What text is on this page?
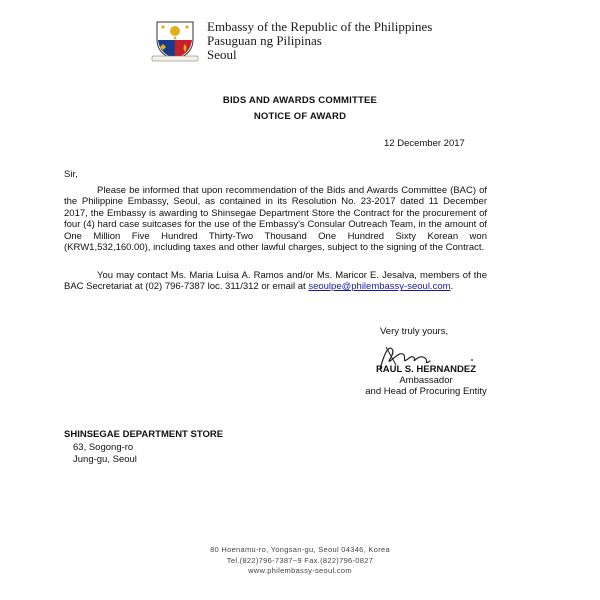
Embassy of the Republic of the Philippines
Pasuguan ng Pilipinas
Seoul
BIDS AND AWARDS COMMITTEE
NOTICE OF AWARD
12 December 2017
Sir,
Please be informed that upon recommendation of the Bids and Awards Committee (BAC) of the Philippine Embassy, Seoul, as contained in its Resolution No. 23-2017 dated 11 December 2017, the Embassy is awarding to Shinsegae Department Store the Contract for the procurement of four (4) hard case suitcases for the use of the Embassy's Consular Outreach Team, in the amount of One Million Five Hundred Thirty-Two Thousand One Hundred Sixty Korean won (KRW1,532,160.00), including taxes and other lawful charges, subject to the signing of the Contract.
You may contact Ms. Maria Luisa A. Ramos and/or Ms. Maricor E. Jesalva, members of the BAC Secretariat at (02) 796-7387 loc. 311/312 or email at seoulpe@philembassy-seoul.com.
Very truly yours,
RAUL S. HERNANDEZ
Ambassador
and Head of Procuring Entity
SHINSEGAE DEPARTMENT STORE
63, Sogong-ro
Jung-gu, Seoul
80 Hoenamu-ro, Yongsan-gu, Seoul 04346, Korea
Tel.(822)796-7387~9 Fax.(822)796-0827
www.philembassy-seoul.com
